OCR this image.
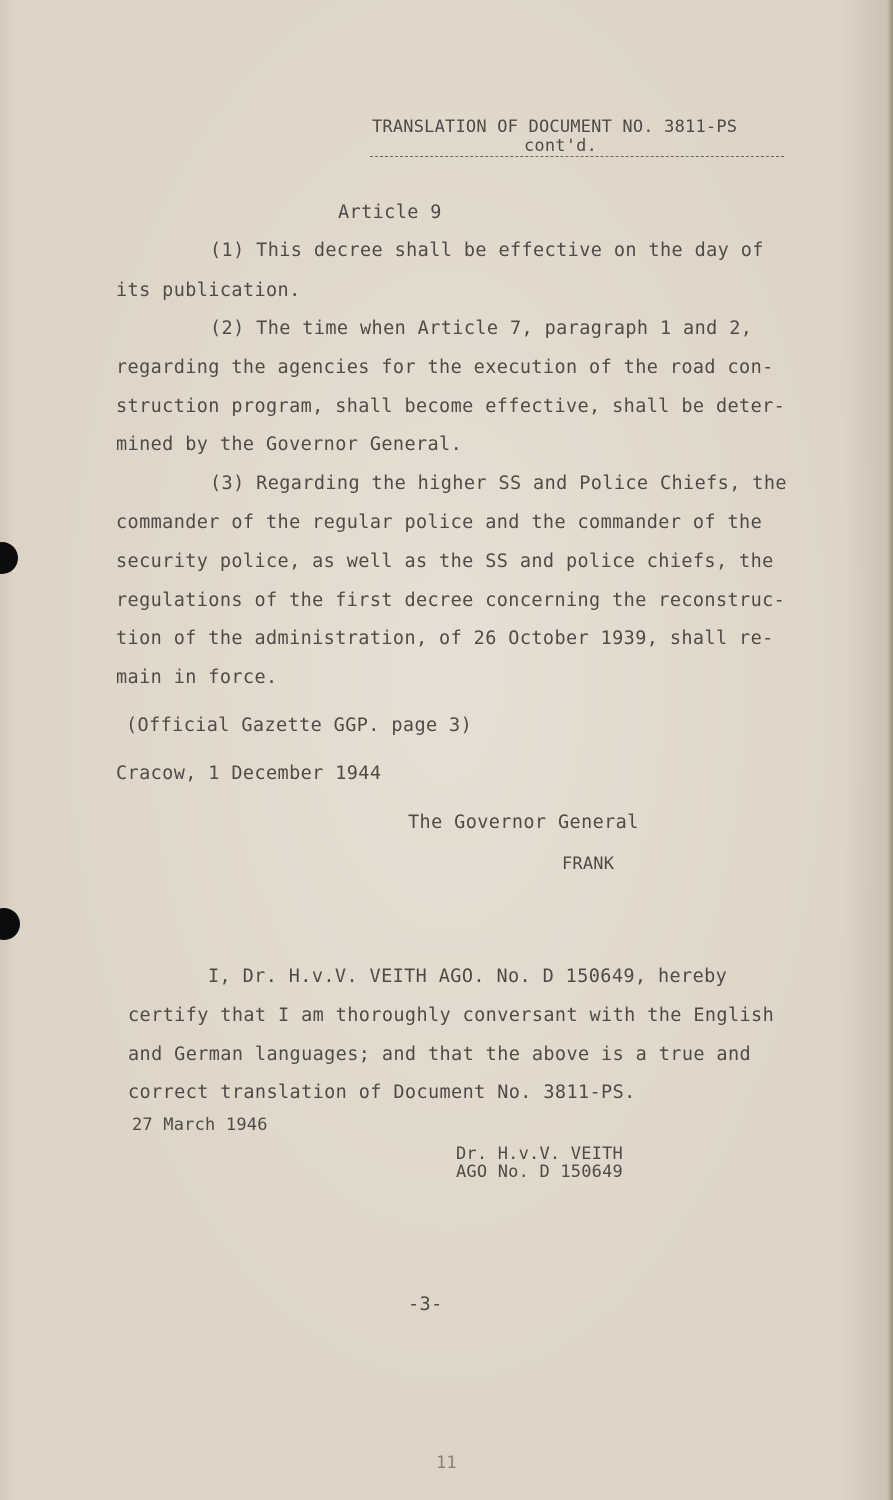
TRANSLATION OF DOCUMENT NO. 3811-PS
cont'd.
Article 9
(1) This decree shall be effective on the day of
its publication.
(2) The time when Article 7, paragraph 1 and 2,
regarding the agencies for the execution of the road con-
struction program, shall become effective, shall be deter-
mined by the Governor General.
(3) Regarding the higher SS and Police Chiefs, the
commander of the regular police and the commander of the
security police, as well as the SS and police chiefs, the
regulations of the first decree concerning the reconstruc-
tion of the administration, of 26 October 1939, shall re-
main in force.
(Official Gazette GGP. page 3)
Cracow, 1 December 1944
The Governor General
FRANK
I, Dr. H.v.V. VEITH AGO. No. D 150649, hereby
certify that I am thoroughly conversant with the English
and German languages; and that the above is a true and
correct translation of Document No. 3811-PS.
27 March 1946
Dr. H.v.V. VEITH
AGO No. D 150649
-3-
11
